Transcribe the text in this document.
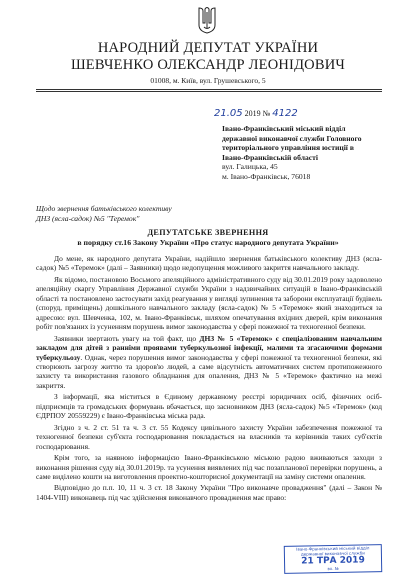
НАРОДНИЙ ДЕПУТАТ УКРАЇНИ
ШЕВЧЕНКО ОЛЕКСАНДР ЛЕОНІДОВИЧ
01008, м. Київ, вул. Грушевського, 5
21.05 2019 № 4122
Івано-Франківський міський відділ
державної виконавчої служби Головного
територіального управління юстиції в
Івано-Франківській області
вул. Галицька, 45
м. Івано-Франківськ, 76018
Щодо звернення батьківського колективу
ДНЗ (ясла-садок) №5 "Теремок"
ДЕПУТАТСЬКЕ ЗВЕРНЕННЯ
в порядку ст.16 Закону України «Про статус народного депутата України»

До мене, як народного депутата України, надійшло звернення батьківського колективу ДНЗ (ясла-садок) №5 «Теремок» (далі – Заявники) щодо недопущення можливого закриття навчального закладу.

Як відомо, постановою Восьмого апеляційного адміністративного суду від 30.01.2019 року задоволено апеляційну скаргу Управління Державної служби України з надзвичайних ситуацій в Івано-Франківській області та постановлено застосувати захід реагування у вигляді зупинення та заборони експлуатації будівель (споруд, приміщень) дошкільного навчального закладу (ясла-садок) № 5 «Теремок» який знаходиться за адресою: вул. Шевченка, 102, м. Івано-Франківськ, шляхом опечатування вхідних дверей, крім виконання робіт пов'язаних із усуненням порушень вимог законодавства у сфері пожежної та техногенної безпеки.

Заявники звертають увагу на той факт, що ДНЗ № 5 «Теремок» є спеціалізованим навчальним закладом для дітей з ранніми проявами туберкульозної інфекції, малими та згасаючими формами туберкульозу. Однак, через порушення вимог законодавства у сфері пожежної та техногенної безпеки, які створюють загрозу життю та здоров'ю людей, а саме відсутність автоматичних систем протипожежного захисту та використання газового обладнання для опалення, ДНЗ № 5 «Теремок» фактично на межі закриття.

З інформації, яка міститься в Єдиному державному реєстрі юридичних осіб, фізичних осіб-підприємців та громадських формувань вбачається, що засновником ДНЗ (ясла-садок) №5 «Теремок» (код ЄДРПОУ 20559229) є Івано-Франківська міська рада.

Згідно з ч. 2 ст. 51 та ч. 3 ст. 55 Кодексу цивільного захисту України забезпечення пожежної та техногенної безпеки суб'єкта господарювання покладається на власників та керівників таких суб'єктів господарювання.

Крім того, за наявною інформацією Івано-Франківською міською радою вживаються заходи з виконання рішення суду від 30.01.2019р. та усунення виявлених під час позапланової перевірки порушень, а саме виділено кошти на виготовлення проектно-кошторисної документації на заміну системи опалення.

Відповідно до п.п. 10, 11 ч. 3 ст. 18 Закону України "Про виконавче провадження" (далі – Закон № 1404-VIII) виконавець під час здійснення виконавчого провадження має право:

Івано-Франківський міський відділ
державної виконавчої служби
21 ТРА 2019
вх. №
